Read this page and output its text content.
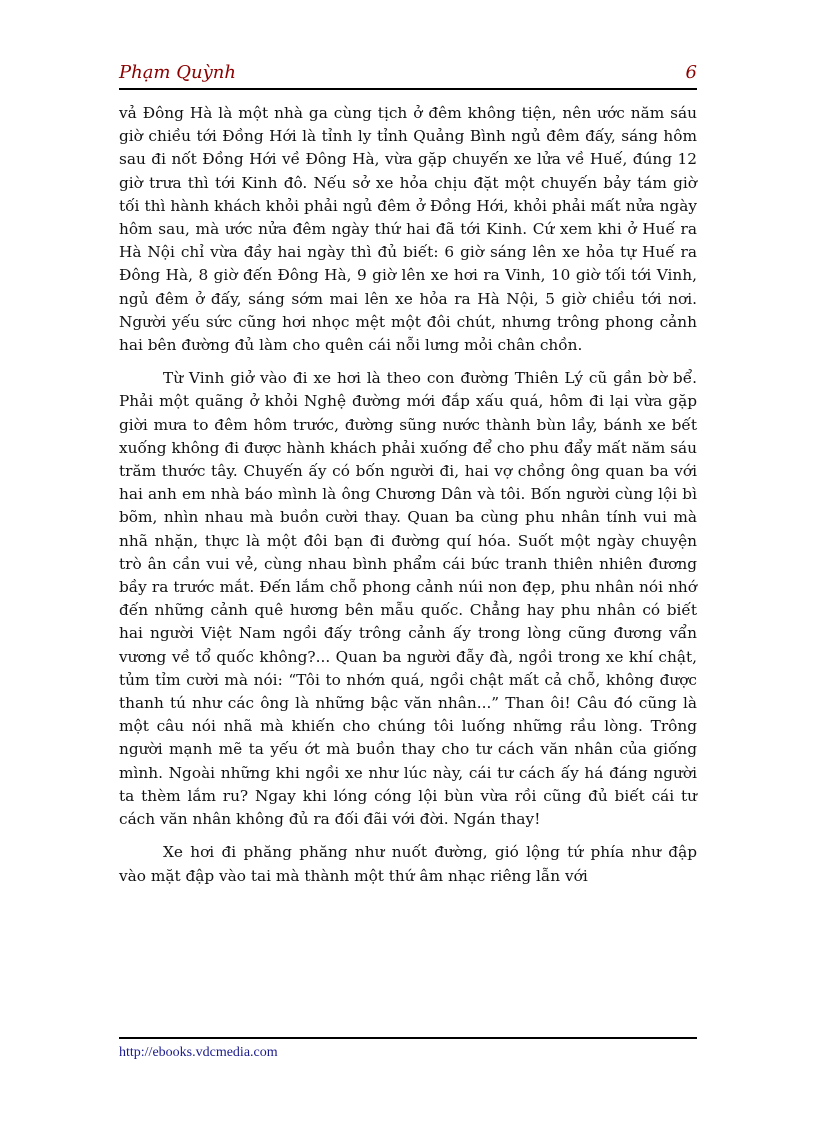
Phạm Quỳnh	6

vả Đông Hà là một nhà ga cùng tịch ở đêm không tiện, nên ước năm sáu giờ chiều tới Đồng Hới là tỉnh ly tỉnh Quảng Bình ngủ đêm đấy, sáng hôm sau đi nốt Đồng Hới về Đông Hà, vừa gặp chuyến xe lửa về Huế, đúng 12 giờ trưa thì tới Kinh đô. Nếu sở xe hỏa chịu đặt một chuyến bảy tám giờ tối thì hành khách khỏi phải ngủ đêm ở Đồng Hới, khỏi phải mất nửa ngày hôm sau, mà ước nửa đêm ngày thứ hai đã tới Kinh. Cứ xem khi ở Huế ra Hà Nội chỉ vừa đầy hai ngày thì đủ biết: 6 giờ sáng lên xe hỏa tự Huế ra Đông Hà, 8 giờ đến Đông Hà, 9 giờ lên xe hơi ra Vinh, 10 giờ tối tới Vinh, ngủ đêm ở đấy, sáng sớm mai lên xe hỏa ra Hà Nội, 5 giờ chiều tới nơi. Người yếu sức cũng hơi nhọc mệt một đôi chút, nhưng trông phong cảnh hai bên đường đủ làm cho quên cái nỗi lưng mỏi chân chồn.

Từ Vinh giở vào đi xe hơi là theo con đường Thiên Lý cũ gần bờ bể. Phải một quãng ở khỏi Nghệ đường mới đắp xấu quá, hôm đi lại vừa gặp giời mưa to đêm hôm trước, đường sũng nước thành bùn lầy, bánh xe bết xuống không đi được hành khách phải xuống để cho phu đẩy mất năm sáu trăm thước tây. Chuyến ấy có bốn người đi, hai vợ chồng ông quan ba với hai anh em nhà báo mình là ông Chương Dân và tôi. Bốn người cùng lội bì bõm, nhìn nhau mà buồn cười thay. Quan ba cùng phu nhân tính vui mà nhã nhặn, thực là một đôi bạn đi đường quí hóa. Suốt một ngày chuyện trò ân cần vui vẻ, cùng nhau bình phẩm cái bức tranh thiên nhiên đương bầy ra trước mắt. Đến lắm chỗ phong cảnh núi non đẹp, phu nhân nói nhớ đến những cảnh quê hương bên mẫu quốc. Chẳng hay phu nhân có biết hai người Việt Nam ngồi đấy trông cảnh ấy trong lòng cũng đương vẩn vương về tổ quốc không?... Quan ba người đẫy đà, ngồi trong xe khí chật, tủm tỉm cười mà nói: “Tôi to nhớn quá, ngồi chật mất cả chỗ, không được thanh tú như các ông là những bậc văn nhân...” Than ôi! Câu đó cũng là một câu nói nhã mà khiến cho chúng tôi luống những rầu lòng. Trông người mạnh mẽ ta yếu ớt mà buồn thay cho tư cách văn nhân của giống mình. Ngoài những khi ngồi xe như lúc này, cái tư cách ấy há đáng người ta thèm lắm ru? Ngay khi lóng cóng lội bùn vừa rồi cũng đủ biết cái tư cách văn nhân không đủ ra đối đãi với đời. Ngán thay!

Xe hơi đi phăng phăng như nuốt đường, gió lộng tứ phía như đập vào mặt đập vào tai mà thành một thứ âm nhạc riêng lẫn với

http://ebooks.vdcmedia.com
